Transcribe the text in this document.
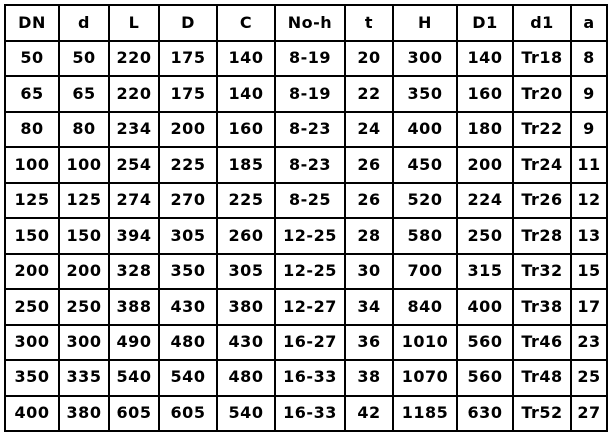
DN	d	L	D	C	No-h	t	H	D1	d1	a
50	50	220	175	140	8-19	20	300	140	Tr18	8
65	65	220	175	140	8-19	22	350	160	Tr20	9
80	80	234	200	160	8-23	24	400	180	Tr22	9
100	100	254	225	185	8-23	26	450	200	Tr24	11
125	125	274	270	225	8-25	26	520	224	Tr26	12
150	150	394	305	260	12-25	28	580	250	Tr28	13
200	200	328	350	305	12-25	30	700	315	Tr32	15
250	250	388	430	380	12-27	34	840	400	Tr38	17
300	300	490	480	430	16-27	36	1010	560	Tr46	23
350	335	540	540	480	16-33	38	1070	560	Tr48	25
400	380	605	605	540	16-33	42	1185	630	Tr52	27
